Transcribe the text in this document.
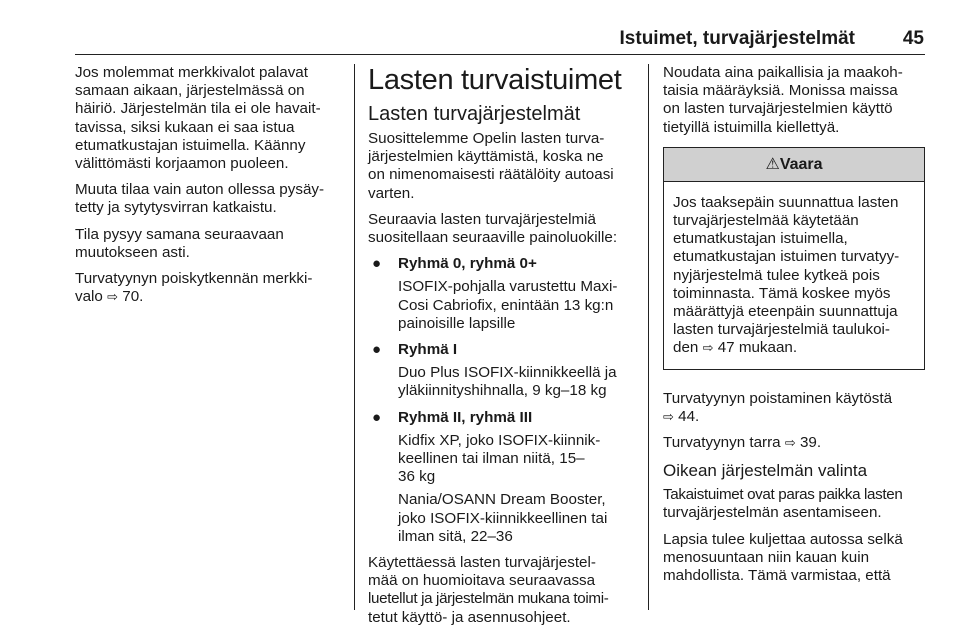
Istuimet, turvajärjestelmät	45

Jos molemmat merkkivalot palavat
samaan aikaan, järjestelmässä on
häiriö. Järjestelmän tila ei ole havait-
tavissa, siksi kukaan ei saa istua
etumatkustajan istuimella. Käänny
välittömästi korjaamon puoleen.

Muuta tilaa vain auton ollessa pysäy-
tetty ja sytytysvirran katkaistu.

Tila pysyy samana seuraavaan
muutokseen asti.

Turvatyynyn poiskytkennän merkki-
valo ⇨ 70.

Lasten turvaistuimet
Lasten turvajärjestelmät

Suosittelemme Opelin lasten turva-
järjestelmien käyttämistä, koska ne
on nimenomaisesti räätälöity autoasi
varten.

Seuraavia lasten turvajärjestelmiä
suositellaan seuraaville painoluokille:

● Ryhmä 0, ryhmä 0+
ISOFIX-pohjalla varustettu Maxi-
Cosi Cabriofix, enintään 13 kg:n
painoisille lapsille
● Ryhmä I
Duo Plus ISOFIX-kiinnikkeellä ja
yläkiinnityshihnalla, 9 kg–18 kg
● Ryhmä II, ryhmä III
Kidfix XP, joko ISOFIX-kiinnik-
keellinen tai ilman niitä, 15–
36 kg
Nania/OSANN Dream Booster,
joko ISOFIX-kiinnikkeellinen tai
ilman sitä, 22–36

Käytettäessä lasten turvajärjestel-
mää on huomioitava seuraavassa
luetellut ja järjestelmän mukana toimi-
tetut käyttö- ja asennusohjeet.

Noudata aina paikallisia ja maakoh-
taisia määräyksiä. Monissa maissa
on lasten turvajärjestelmien käyttö
tietyillä istuimilla kiellettyä.

⚠Vaara
Jos taaksepäin suunnattua lasten
turvajärjestelmää käytetään
etumatkustajan istuimella,
etumatkustajan istuimen turvatyy-
nyjärjestelmä tulee kytkeä pois
toiminnasta. Tämä koskee myös
määrättyjä eteenpäin suunnattuja
lasten turvajärjestelmiä taulukoi-
den ⇨ 47 mukaan.

Turvatyynyn poistaminen käytöstä
⇨ 44.

Turvatyynyn tarra ⇨ 39.

Oikean järjestelmän valinta

Takaistuimet ovat paras paikka lasten
turvajärjestelmän asentamiseen.

Lapsia tulee kuljettaa autossa selkä
menosuuntaan niin kauan kuin
mahdollista. Tämä varmistaa, että
